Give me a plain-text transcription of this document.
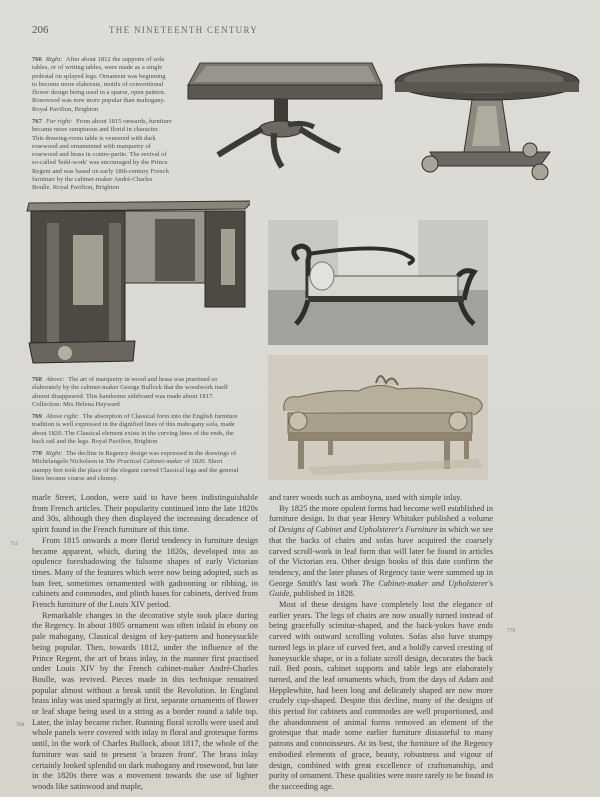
206	THE NINETEENTH CENTURY
766 Right: After about 1812 the supports of sofa tables, or of writing tables, were made as a single pedestal on splayed legs. Ornament was beginning to become more elaborate, motifs of conventional flower design being used in a sparse, open pattern. Rosewood was now more popular than mahogany. Royal Pavilion, Brighton
767 Far right: From about 1815 onwards, furniture became more sumptuous and florid in character. This drawing-room table is veneered with dark rosewood and ornamented with marquetry of rosewood and brass in contre-partie. The revival of so-called 'buhl-work' was encouraged by the Prince Regent and was based on early 18th-century French furniture by the cabinet-maker André-Charles Boulle. Royal Pavilion, Brighton
768 Above: The art of marquetry in wood and brass was practised so elaborately by the cabinet-maker George Bullock that the woodwork itself almost disappeared. This handsome sideboard was made about 1817. Collection: Mrs Helena Hayward
769 Above right: The absorption of Classical form into the English furniture tradition is well expressed in the dignified lines of this mahogany sofa, made about 1820. The Classical element exists in the curving lines of the ends, the back rail and the legs. Royal Pavilion, Brighton
770 Right: The decline in Regency design was expressed in the drawings of Michelangelo Nicholson in The Practical Cabinet-maker of 1826. Short stumpy feet took the place of the elegant curved Classical legs and the general lines became coarse and clumsy.
751
768
770

marle Street, London, were said to have been indistinguishable from French articles. Their popularity continued into the late 1820s and 30s, although they then displayed the increasing decadence of spirit found in the French furniture of this time.

From 1815 onwards a more florid tendency in furniture design became apparent, which, during the 1820s, developed into an opulence foreshadowing the fulsome shapes of early Victorian times. Many of the features which were now being adopted, such as bun feet, sometimes ornamented with gadrooning or ribbing, in cabinets and commodes, and plinth bases for cabinets, derived from French furniture of the Louis XIV period.

Remarkable changes in the decorative style took place during the Regency. In about 1805 ornament was often inlaid in ebony on pale mahogany, Classical designs of key-pattern and honeysuckle being popular. Then, towards 1812, under the influence of the Prince Regent, the art of brass inlay, in the manner first practised under Louis XIV by the French cabinet-maker André-Charles Boulle, was revived. Pieces made in this technique remained popular almost without a break until the Revolution. In England brass inlay was used sparingly at first, separate ornaments of flower or leaf shape being used in a string as a border round a table top. Later, the inlay became richer. Running floral scrolls were used and whole panels were covered with inlay in floral and grotesque forms until, in the work of Charles Bullock, about 1817, the whole of the furniture was said to present 'a brazen front'. The brass inlay certainly looked splendid on dark mahogany and rosewood, but late in the 1820s there was a movement towards the use of lighter woods like satinwood and maple,

and rarer woods such as amboyna, used with simple inlay.

By 1825 the more opulent forms had become well established in furniture design. In that year Henry Whitaker published a volume of Designs of Cabinet and Upholsterer's Furniture in which we see that the backs of chairs and sofas have acquired the coarsely carved scroll-work in leaf form that will later be found in articles of the Victorian era. Other design books of this date confirm the tendency, and the later phases of Regency taste were summed up in George Smith's last work The Cabinet-maker and Upholsterer's Guide, published in 1828.

Most of these designs have completely lost the elegance of earlier years. The legs of chairs are now usually turned instead of being gracefully scimitar-shaped, and the back-yokes have ends carved with outward scrolling volutes. Sofas also have stumpy turned legs in place of curved feet, and a boldly carved cresting of honeysuckle shape, or in a foliate scroll design, decorates the back rail. Bed posts, cabinet supports and table legs are elaborately turned, and the leaf ornaments which, from the days of Adam and Hepplewhite, had been long and delicately shaped are now more crudely cup-shaped. Despite this decline, many of the designs of this period for cabinets and commodes are well proportioned, and the abandonment of animal forms removed an element of the grotesque that made some earlier furniture distasteful to many patrons and connoisseurs. At its best, the furniture of the Regency embodied elements of grace, beauty, robustness and vigour of design, combined with great excellence of craftsmanship, and purity of ornament. These qualities were more rarely to be found in the succeeding age.
